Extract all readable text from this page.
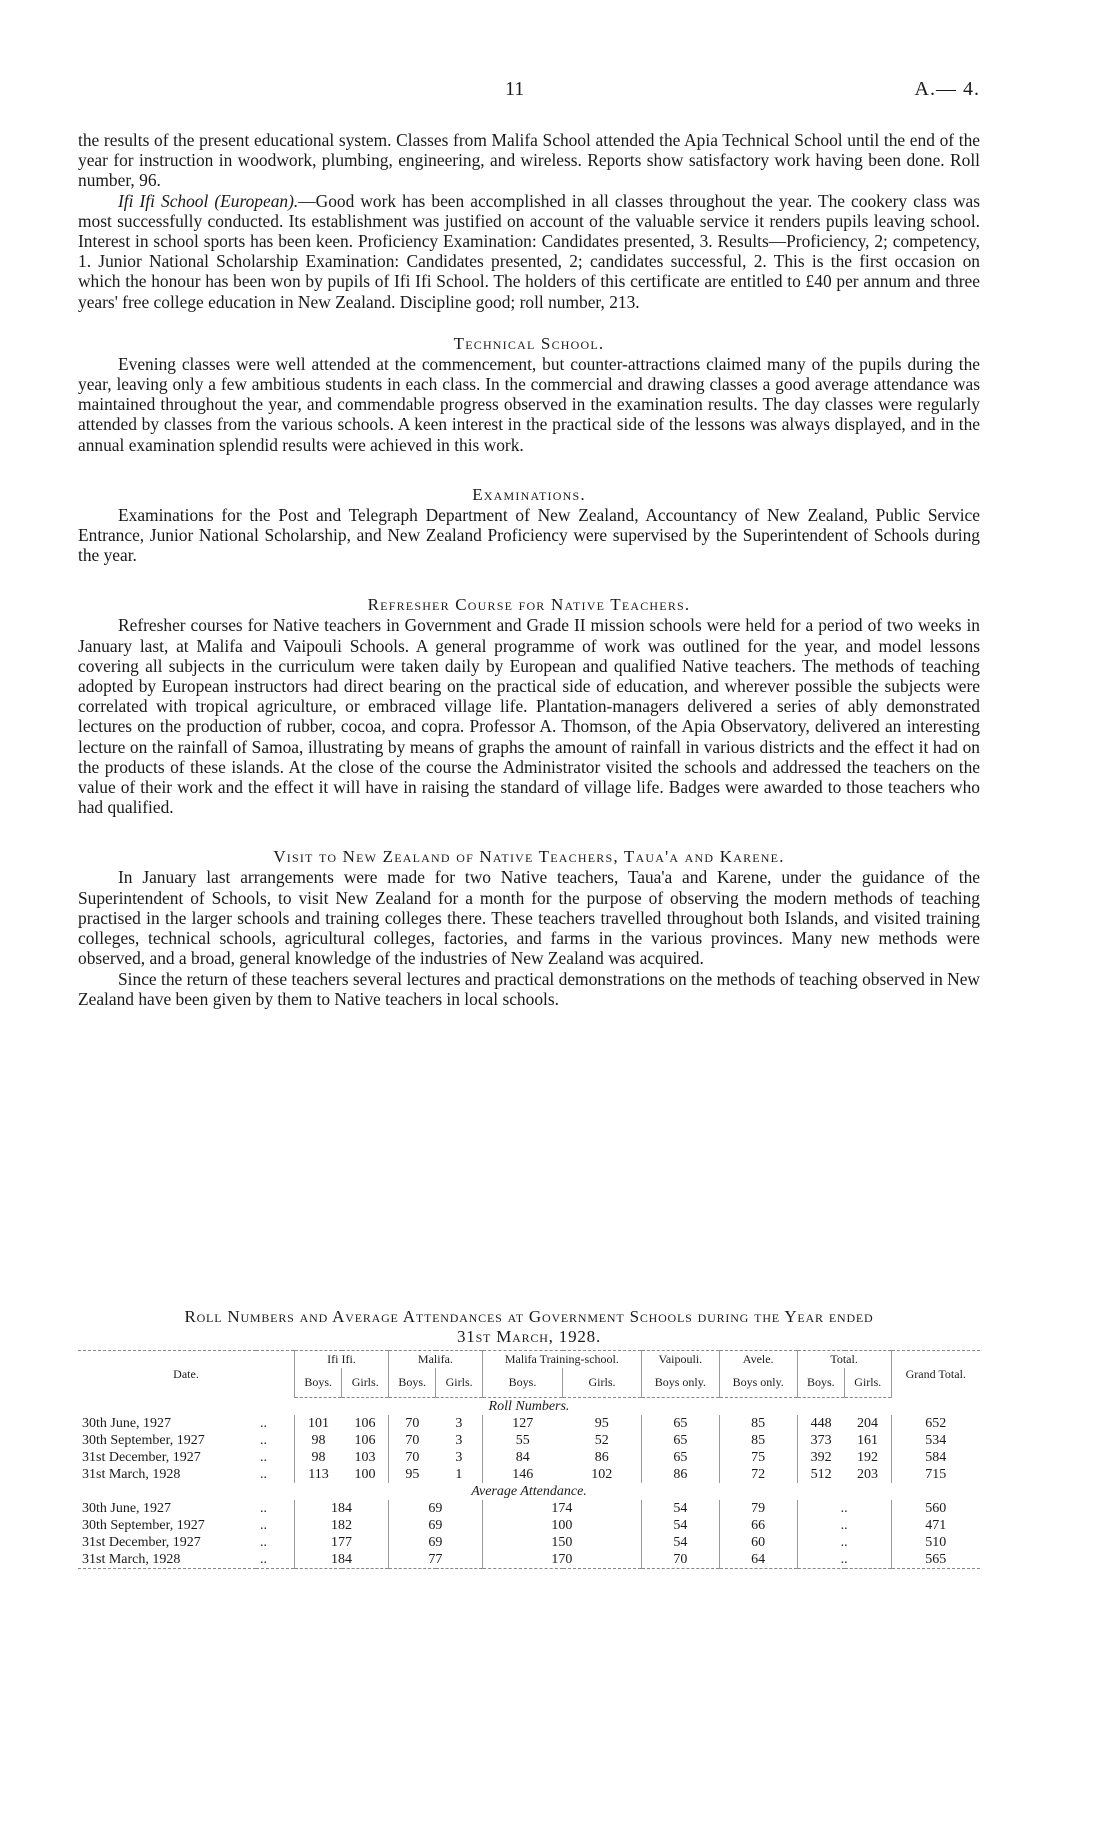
11	A.— 4.

the results of the present educational system. Classes from Malifa School attended the Apia Technical School until the end of the year for instruction in woodwork, plumbing, engineering, and wireless. Reports show satisfactory work having been done. Roll number, 96.

Ifi Ifi School (European).—Good work has been accomplished in all classes throughout the year. The cookery class was most successfully conducted. Its establishment was justified on account of the valuable service it renders pupils leaving school. Interest in school sports has been keen. Proficiency Examination: Candidates presented, 3. Results—Proficiency, 2; competency, 1. Junior National Scholarship Examination: Candidates presented, 2; candidates successful, 2. This is the first occasion on which the honour has been won by pupils of Ifi Ifi School. The holders of this certificate are entitled to £40 per annum and three years' free college education in New Zealand. Discipline good; roll number, 213.

Technical School.

Evening classes were well attended at the commencement, but counter-attractions claimed many of the pupils during the year, leaving only a few ambitious students in each class. In the commercial and drawing classes a good average attendance was maintained throughout the year, and commendable progress observed in the examination results. The day classes were regularly attended by classes from the various schools. A keen interest in the practical side of the lessons was always displayed, and in the annual examination splendid results were achieved in this work.

Examinations.

Examinations for the Post and Telegraph Department of New Zealand, Accountancy of New Zealand, Public Service Entrance, Junior National Scholarship, and New Zealand Proficiency were supervised by the Superintendent of Schools during the year.

Refresher Course for Native Teachers.

Refresher courses for Native teachers in Government and Grade II mission schools were held for a period of two weeks in January last, at Malifa and Vaipouli Schools. A general programme of work was outlined for the year, and model lessons covering all subjects in the curriculum were taken daily by European and qualified Native teachers. The methods of teaching adopted by European instructors had direct bearing on the practical side of education, and wherever possible the subjects were correlated with tropical agriculture, or embraced village life. Plantation-managers delivered a series of ably demonstrated lectures on the production of rubber, cocoa, and copra. Professor A. Thomson, of the Apia Observatory, delivered an interesting lecture on the rainfall of Samoa, illustrating by means of graphs the amount of rainfall in various districts and the effect it had on the products of these islands. At the close of the course the Administrator visited the schools and addressed the teachers on the value of their work and the effect it will have in raising the standard of village life. Badges were awarded to those teachers who had qualified.

Visit to New Zealand of Native Teachers, Taua'a and Karene.

In January last arrangements were made for two Native teachers, Taua'a and Karene, under the guidance of the Superintendent of Schools, to visit New Zealand for a month for the purpose of observing the modern methods of teaching practised in the larger schools and training colleges there. These teachers travelled throughout both Islands, and visited training colleges, technical schools, agricultural colleges, factories, and farms in the various provinces. Many new methods were observed, and a broad, general knowledge of the industries of New Zealand was acquired.

Since the return of these teachers several lectures and practical demonstrations on the methods of teaching observed in New Zealand have been given by them to Native teachers in local schools.

Roll Numbers and Average Attendances at Government Schools during the Year ended
31st March, 1928.
Date.		Ifi Ifi.		Malifa.		Malifa Training-school.		Vaipouli.	Avele.	Total.		Grand Total.
		Boys.	Girls.	Boys.	Girls.	Boys.	Girls.	Boys only.	Boys only.	Boys.	Girls.	
Roll Numbers.												
30th June, 1927	..	101	106	70	3	127	95	65	85	448	204	652
30th September, 1927	..	98	106	70	3	55	52	65	85	373	161	534
31st December, 1927	..	98	103	70	3	84	86	65	75	392	192	584
31st March, 1928	..	113	100	95	1	146	102	86	72	512	203	715
Average Attendance.												
30th June, 1927	..	184		69		174		54	79	..		560
30th September, 1927	..	182		69		100		54	66	..		471
31st December, 1927	..	177		69		150		54	60	..		510
31st March, 1928	..	184		77		170		70	64	..		565
